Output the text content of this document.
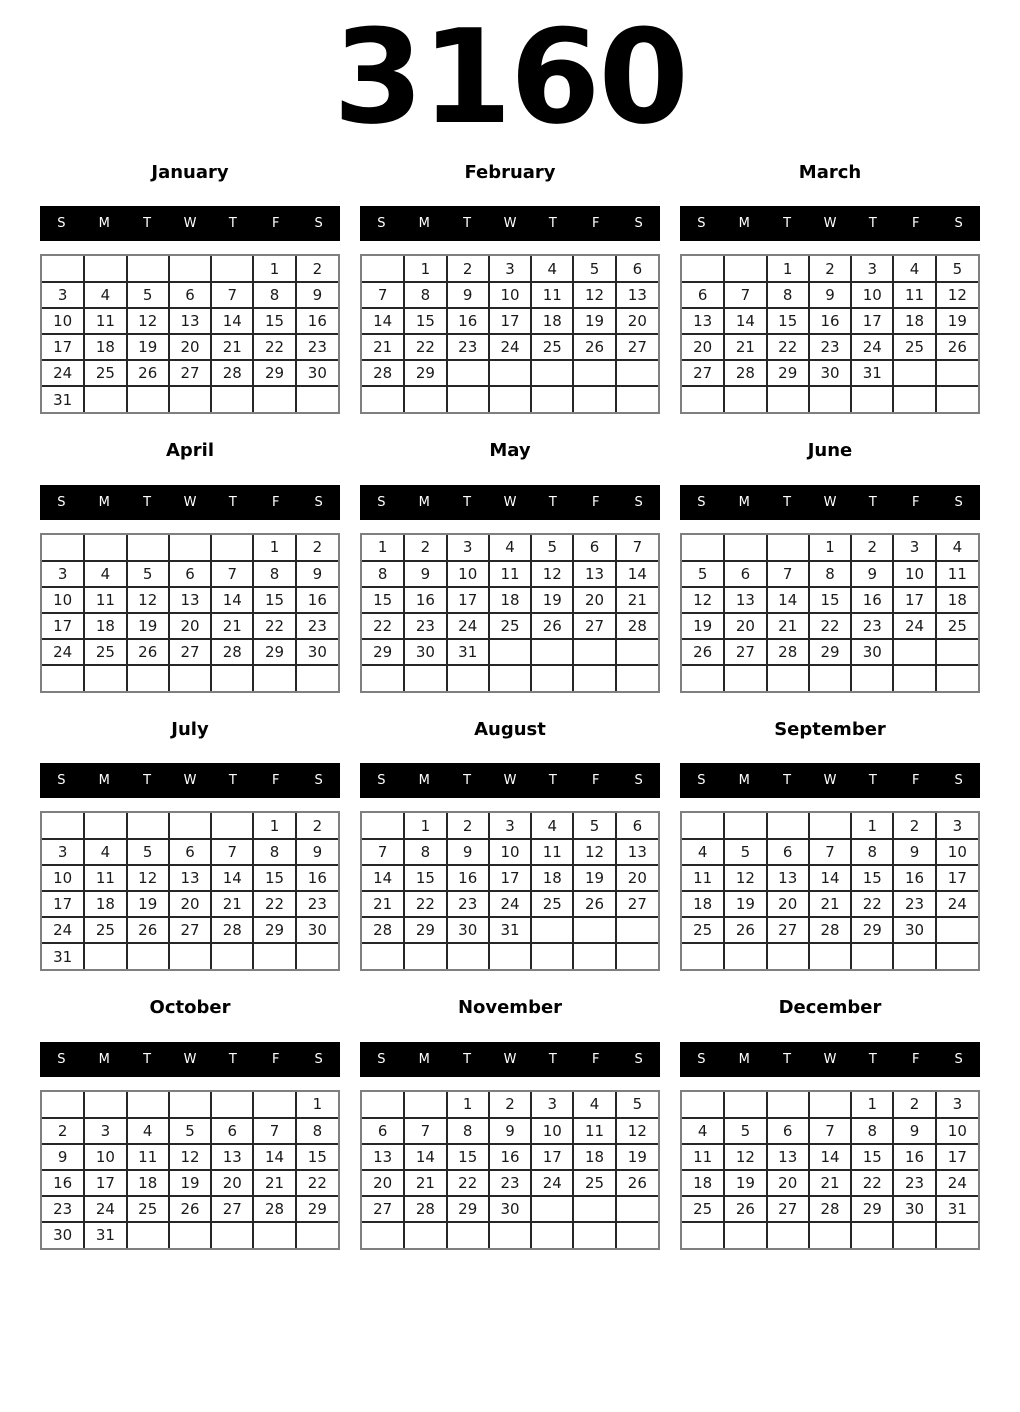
3160
January
S	M	T	W	T	F	S
					1	2
3	4	5	6	7	8	9
10	11	12	13	14	15	16
17	18	19	20	21	22	23
24	25	26	27	28	29	30
31						
February
S	M	T	W	T	F	S
	1	2	3	4	5	6
7	8	9	10	11	12	13
14	15	16	17	18	19	20
21	22	23	24	25	26	27
28	29					

March
S	M	T	W	T	F	S
		1	2	3	4	5
6	7	8	9	10	11	12
13	14	15	16	17	18	19
20	21	22	23	24	25	26
27	28	29	30	31		

April
S	M	T	W	T	F	S
					1	2
3	4	5	6	7	8	9
10	11	12	13	14	15	16
17	18	19	20	21	22	23
24	25	26	27	28	29	30

May
S	M	T	W	T	F	S
1	2	3	4	5	6	7
8	9	10	11	12	13	14
15	16	17	18	19	20	21
22	23	24	25	26	27	28
29	30	31				

June
S	M	T	W	T	F	S
			1	2	3	4
5	6	7	8	9	10	11
12	13	14	15	16	17	18
19	20	21	22	23	24	25
26	27	28	29	30		

July
S	M	T	W	T	F	S
					1	2
3	4	5	6	7	8	9
10	11	12	13	14	15	16
17	18	19	20	21	22	23
24	25	26	27	28	29	30
31						
August
S	M	T	W	T	F	S
	1	2	3	4	5	6
7	8	9	10	11	12	13
14	15	16	17	18	19	20
21	22	23	24	25	26	27
28	29	30	31			

September
S	M	T	W	T	F	S
				1	2	3
4	5	6	7	8	9	10
11	12	13	14	15	16	17
18	19	20	21	22	23	24
25	26	27	28	29	30	

October
S	M	T	W	T	F	S
						1
2	3	4	5	6	7	8
9	10	11	12	13	14	15
16	17	18	19	20	21	22
23	24	25	26	27	28	29
30	31					
November
S	M	T	W	T	F	S
		1	2	3	4	5
6	7	8	9	10	11	12
13	14	15	16	17	18	19
20	21	22	23	24	25	26
27	28	29	30			

December
S	M	T	W	T	F	S
				1	2	3
4	5	6	7	8	9	10
11	12	13	14	15	16	17
18	19	20	21	22	23	24
25	26	27	28	29	30	31
